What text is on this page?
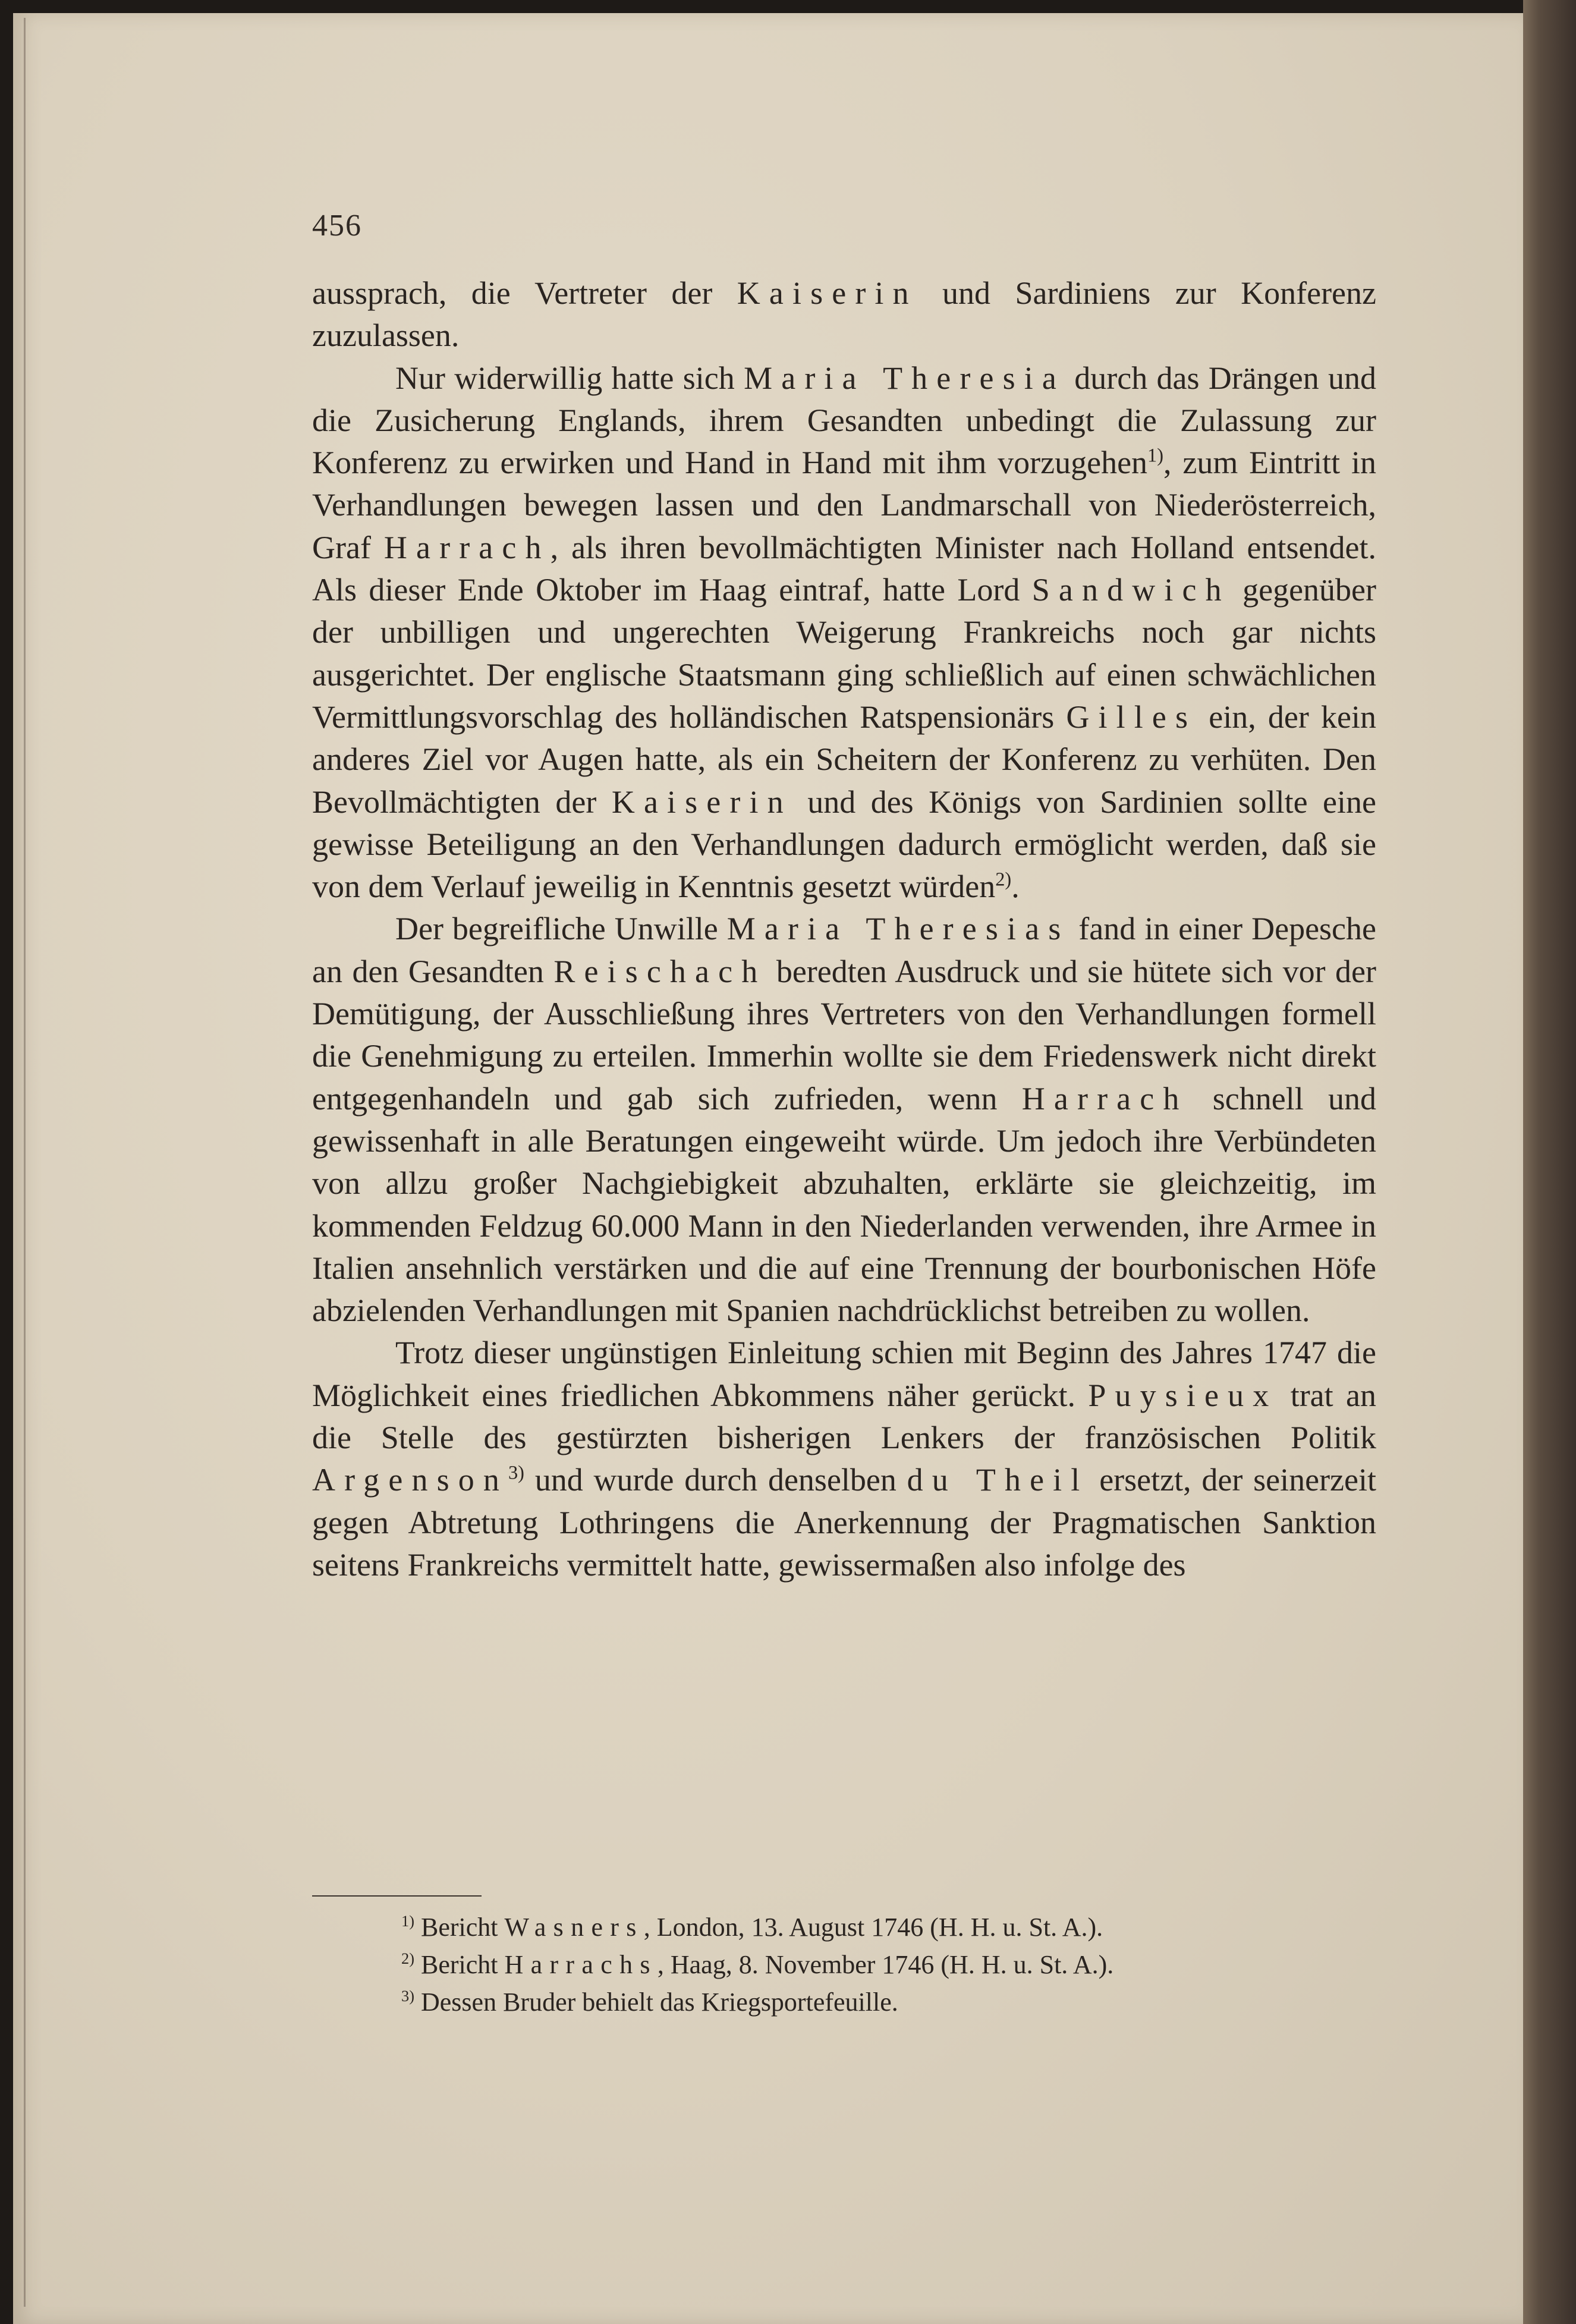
456

aussprach, die Vertreter der Kaiserin und Sardiniens zur Konferenz zuzulassen.

Nur widerwillig hatte sich Maria Theresia durch das Drängen und die Zusicherung Englands, ihrem Gesandten unbedingt die Zulassung zur Konferenz zu erwirken und Hand in Hand mit ihm vorzugehen$^{1)}$, zum Eintritt in Verhandlungen bewegen lassen und den Landmarschall von Niederösterreich, Graf Harrach, als ihren bevollmächtigten Minister nach Holland entsendet. Als dieser Ende Oktober im Haag eintraf, hatte Lord Sandwich gegenüber der unbilligen und ungerechten Weigerung Frankreichs noch gar nichts ausgerichtet. Der englische Staatsmann ging schließlich auf einen schwächlichen Vermittlungsvorschlag des holländischen Ratspensionärs Gilles ein, der kein anderes Ziel vor Augen hatte, als ein Scheitern der Konferenz zu verhüten. Den Bevollmächtigten der Kaiserin und des Königs von Sardinien sollte eine gewisse Beteiligung an den Verhandlungen dadurch ermöglicht werden, daß sie von dem Verlauf jeweilig in Kenntnis gesetzt würden$^{2)}$.

Der begreifliche Unwille Maria Theresias fand in einer Depesche an den Gesandten Reischach beredten Ausdruck und sie hütete sich vor der Demütigung, der Ausschließung ihres Vertreters von den Verhandlungen formell die Genehmigung zu erteilen. Immerhin wollte sie dem Friedenswerk nicht direkt entgegenhandeln und gab sich zufrieden, wenn Harrach schnell und gewissenhaft in alle Beratungen eingeweiht würde. Um jedoch ihre Verbündeten von allzu großer Nachgiebigkeit abzuhalten, erklärte sie gleichzeitig, im kommenden Feldzug 60.000 Mann in den Niederlanden verwenden, ihre Armee in Italien ansehnlich verstärken und die auf eine Trennung der bourbonischen Höfe abzielenden Verhandlungen mit Spanien nachdrücklichst betreiben zu wollen.

Trotz dieser ungünstigen Einleitung schien mit Beginn des Jahres 1747 die Möglichkeit eines friedlichen Abkommens näher gerückt. Puysieux trat an die Stelle des gestürzten bisherigen Lenkers der französischen Politik Argenson$^{3)}$ und wurde durch denselben du Theil ersetzt, der seinerzeit gegen Abtretung Lothringens die Anerkennung der Pragmatischen Sanktion seitens Frankreichs vermittelt hatte, gewissermaßen also infolge des

$^{1)}$ Bericht Wasners, London, 13. August 1746 (H. H. u. St. A.).
$^{2)}$ Bericht Harrachs, Haag, 8. November 1746 (H. H. u. St. A.).
$^{3)}$ Dessen Bruder behielt das Kriegsportefeuille.
